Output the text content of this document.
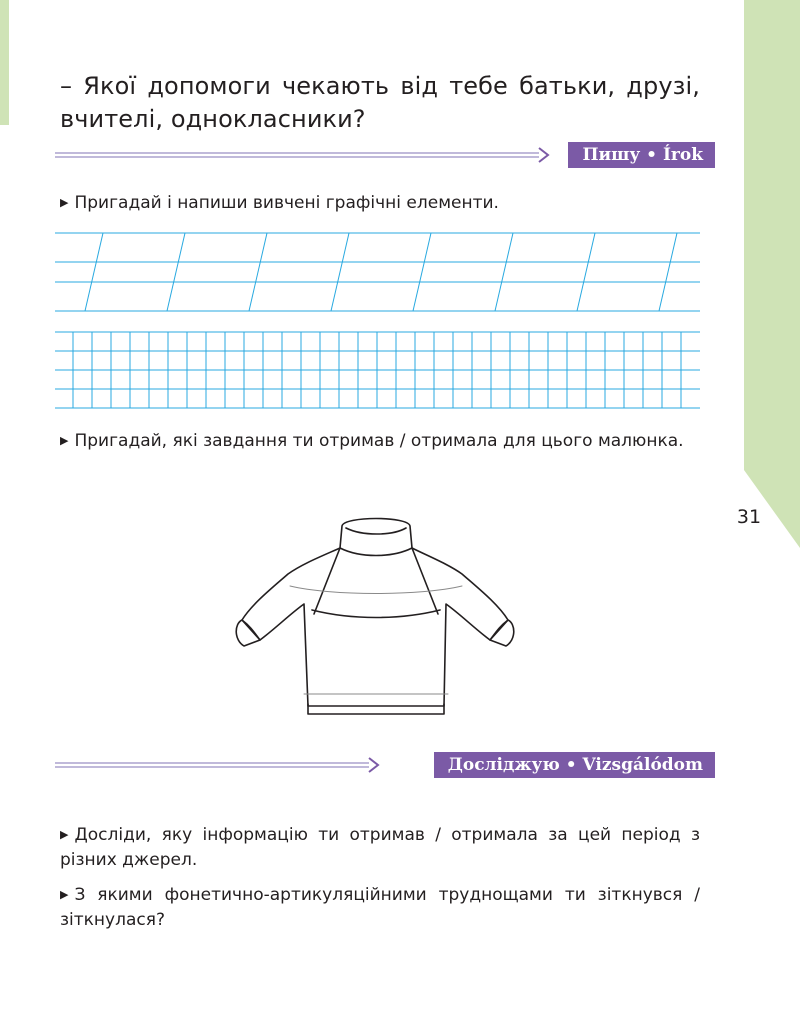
31
– Якої допомоги чекають від тебе батьки, друзі, вчителі, однокласники?
Пишу • Írok
▶ Пригадай і напиши вивчені графічні елементи.
▶ Пригадай, які завдання ти отримав / отримала для цього малюнка.
Досліджую • Vizsgálódom
▶ Досліди, яку інформацію ти отримав / отримала за цей період з різних джерел.
▶ З якими фонетично-артикуляційними труднощами ти зіткнувся / зіткнулася?
